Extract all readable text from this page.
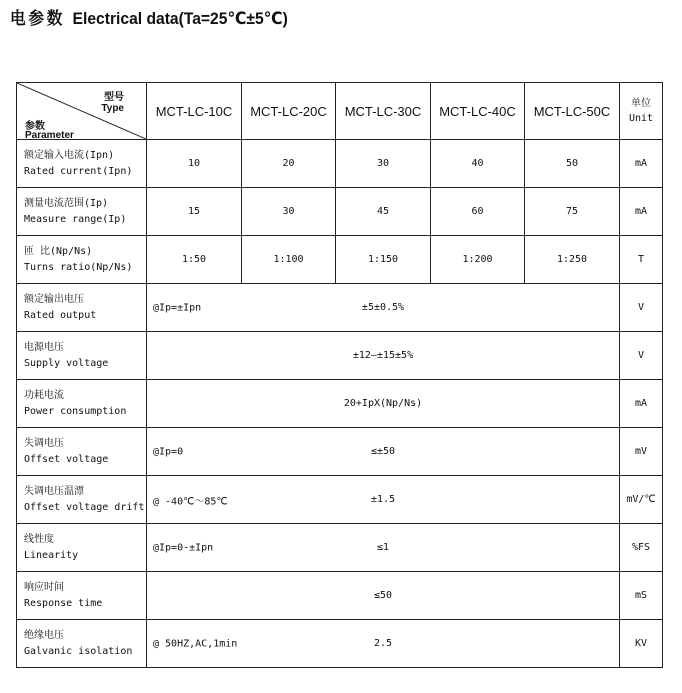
电参数 Electrical data(Ta=25℃±5℃)
型号
Type
参数
Parameter	MCT-LC-10C	MCT-LC-20C	MCT-LC-30C	MCT-LC-40C	MCT-LC-50C	单位
Unit

额定输入电流(Ipn)
Rated current(Ipn)	10	20	30	40	50	mA

测量电流范围(Ip)
Measure range(Ip)	15	30	45	60	75	mA

匝 比(Np/Ns)
Turns ratio(Np/Ns)	1:50	1:100	1:150	1:200	1:250	T

额定输出电压
Rated output	@Ip=±Ipn ±5±0.5%					V

电源电压
Supply voltage	±12—±15±5%					V

功耗电流
Power consumption	20+IpX(Np/Ns)					mA

失调电压
Offset voltage	@Ip=0 ≤±50					mV

失调电压温漂
Offset voltage drift	@ -40℃～85℃ ±1.5					mV/℃

线性度
Linearity	@Ip=0-±Ipn ≤1					%FS

响应时间
Response time	≤50					mS

绝缘电压
Galvanic isolation	@ 50HZ,AC,1min 2.5					KV
